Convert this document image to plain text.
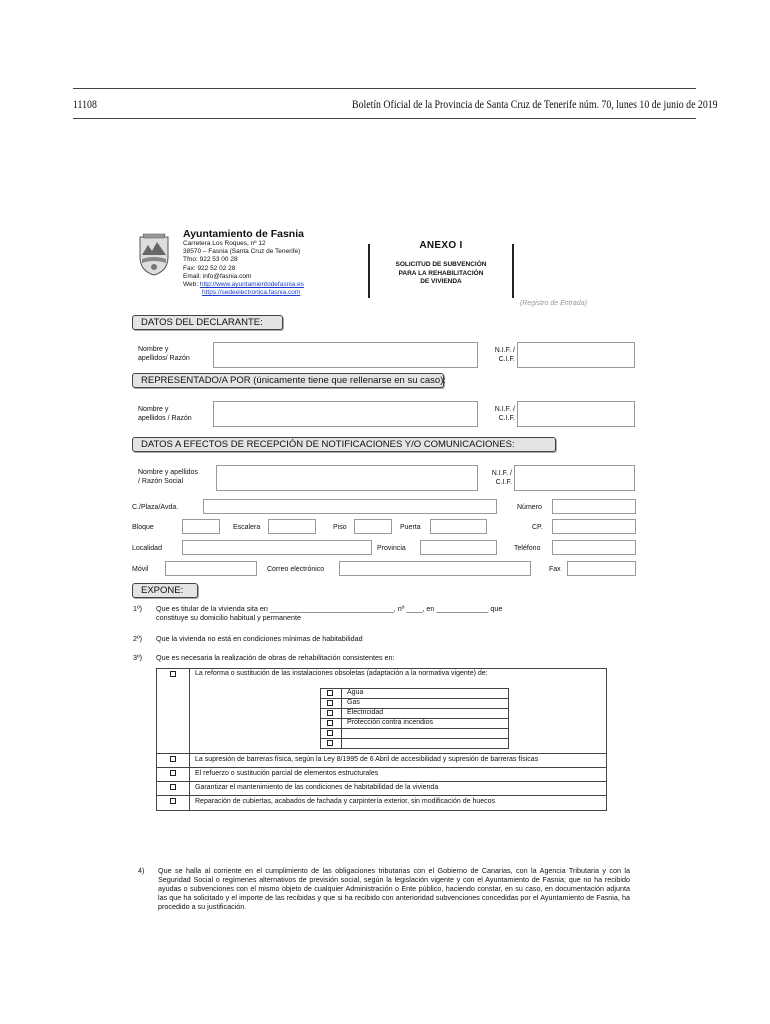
11108	Boletín Oficial de la Provincia de Santa Cruz de Tenerife núm. 70, lunes 10 de junio de 2019
Ayuntamiento de Fasnia
Carretera Los Roques, nº 12
38570 – Fasnia (Santa Cruz de Tenerife)
Tfno: 922 53 00 28
Fax: 922 52 02 28
Email: info@fasnia.com
Web: http://www.ayuntamientodefasnia.es
https://sedeelectronica.fasnia.com
ANEXO I
SOLICITUD DE SUBVENCIÓN
PARA LA REHABILITACIÓN
DE VIVIENDA
(Registro de Entrada)
DATOS DEL DECLARANTE:
Nombre y
apellidos/ Razón
N.I.F. /
C.I.F.
REPRESENTADO/A POR (únicamente tiene que rellenarse en su caso):
Nombre y
apellidos / Razón
N.I.F. /
C.I.F.
DATOS A EFECTOS DE RECEPCIÓN DE NOTIFICACIONES Y/O COMUNICACIONES:
Nombre y apellidos
/ Razón Social
N.I.F. /
C.I.F.
C./Plaza/Avda.	Número
Bloque	Escalera	Piso	Puerta	CP.
Localidad	Provincia	Teléfono
Móvil	Correo electrónico	Fax
EXPONE:
1º) Que es titular de la vivienda sita en _______________________________, nº ____, en _____________ que
constituye su domicilio habitual y permanente
2º) Que la vivienda no está en condiciones mínimas de habitabilidad
3º) Que es necesaria la realización de obras de rehabilitación consistentes en:
La reforma o sustitución de las instalaciones obsoletas (adaptación a la normativa vigente) de:
Agua
Gas
Electricidad
Protección contra incendios
La supresión de barreras física, según la Ley 8/1995 de 6 Abril de accesibilidad y supresión de barreras físicas
El refuerzo o sustitución parcial de elementos estructurales
Garantizar el mantenimiento de las condiciones de habitabilidad de la vivienda
Reparación de cubiertas, acabados de fachada y carpintería exterior, sin modificación de huecos
4) Que se halla al corriente en el cumplimiento de las obligaciones tributarias con el Gobierno de Canarias, con la Agencia Tributaria y con la Seguridad Social o regímenes alternativos de previsión social, según la legislación vigente y con el Ayuntamiento de Fasnia; que no ha recibido ayudas o subvenciones con el mismo objeto de cualquier Administración o Ente público, haciendo constar, en su caso, en documentación adjunta las que ha solicitado y el importe de las recibidas y que si ha recibido con anterioridad subvenciones concedidas por el Ayuntamiento de Fasnia, ha procedido a su justificación.
